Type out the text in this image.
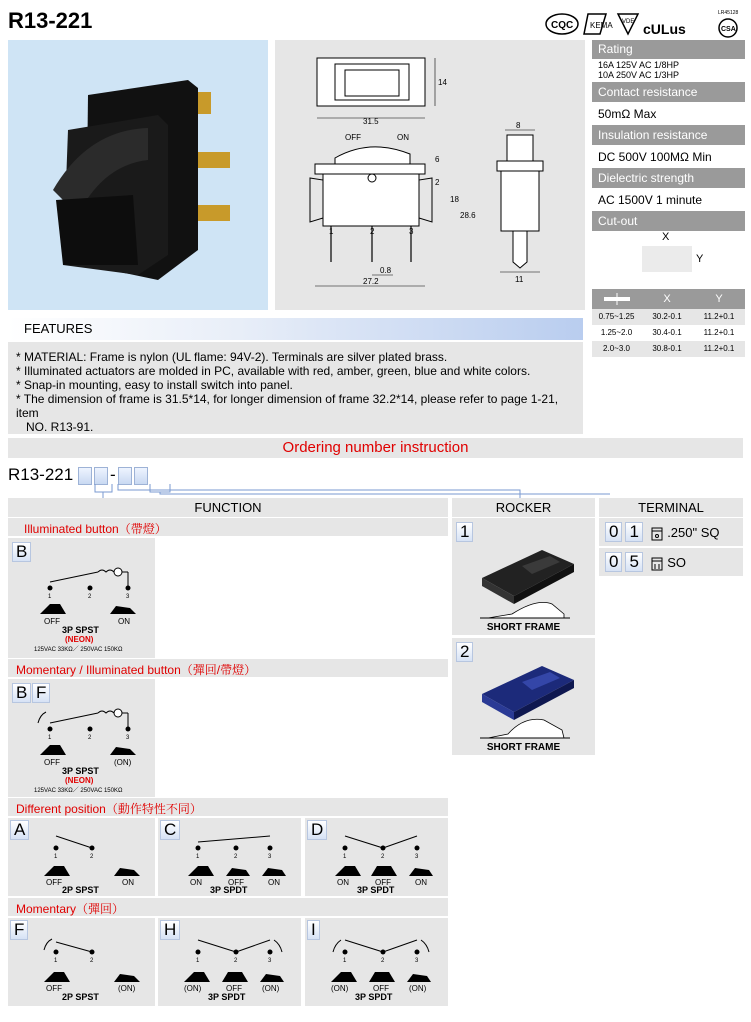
R13-221	CQC KEMA VDE cULus	CSA
LR45128
31.5
14
OFF	ON
1	2	3
6
2
18
28.6
0.8
27.2
8
11
Rating
16A 125V AC 1/8HP
10A 250V AC 1/3HP
Contact resistance
50mΩ Max
Insulation resistance
DC 500V 100MΩ Min
Dielectric strength
AC 1500V 1 minute
Cut-out
X
Y
X	Y
0.75~1.25	30.2-0.1	11.2+0.1
1.25~2.0	30.4-0.1	11.2+0.1
2.0~3.0	30.8-0.1	11.2+0.1
FEATURES
* MATERIAL: Frame is nylon (UL flame: 94V-2). Terminals are silver plated brass.
* Illuminated actuators are molded in PC, available with red, amber, green, blue and white colors.
* Snap-in mounting, easy to install switch into panel.
* The dimension of frame is 31.5*14, for longer dimension of frame 32.2*14, please refer to page 1-21, item
NO. R13-91.
Ordering number instruction
R13-221 -
FUNCTION	ROCKER	TERMINAL
Illuminated button（帶燈）
B
1	2	3
OFF	ON
3P SPST
(NEON)
125VAC 33KΩ／ 250VAC 150KΩ
Momentary / Illuminated button（彈回/帶燈）
B F
1	2	3
OFF	(ON)
3P SPST
(NEON)
125VAC 33KΩ／ 250VAC 150KΩ
Different position（動作特性不同）
A
1	2
OFF	ON
2P SPST
C
1	2	3
ON	OFF	ON
3P SPDT
D
1	2	3
ON	OFF	ON
3P SPDT
Momentary（彈回）
F
1	2
OFF	(ON)
2P SPST
H
1	2	3
(ON)	OFF	(ON)
3P SPDT
I
1	2	3
(ON)	OFF	(ON)
3P SPDT
1
SHORT FRAME
2
SHORT FRAME
0 1 .250" SQ
0 5 SO
